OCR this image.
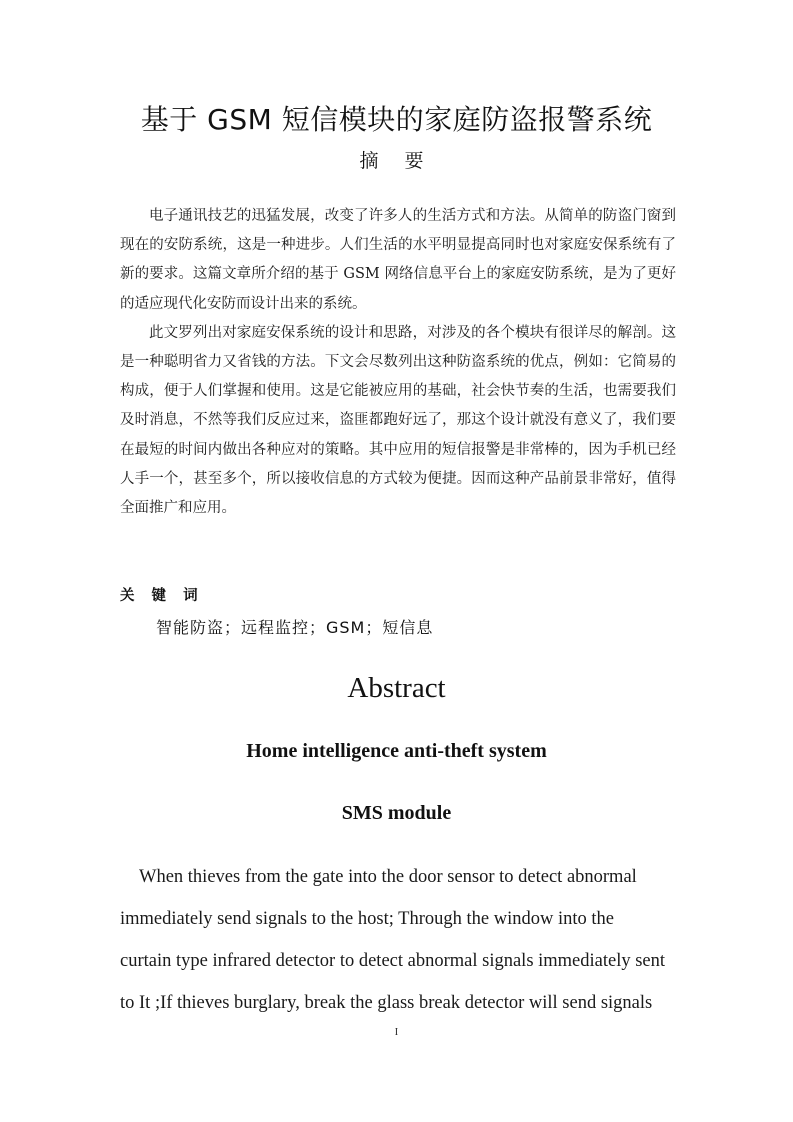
基于 GSM 短信模块的家庭防盗报警系统
摘 要

电子通讯技艺的迅猛发展，改变了许多人的生活方式和方法。从简单的防盗门窗到现在的安防系统，这是一种进步。人们生活的水平明显提高同时也对家庭安保系统有了新的要求。这篇文章所介绍的基于 GSM 网络信息平台上的家庭安防系统，是为了更好的适应现代化安防而设计出来的系统。

此文罗列出对家庭安保系统的设计和思路，对涉及的各个模块有很详尽的解剖。这是一种聪明省力又省钱的方法。下文会尽数列出这种防盗系统的优点，例如：它简易的构成，便于人们掌握和使用。这是它能被应用的基础，社会快节奏的生活，也需要我们及时消息，不然等我们反应过来，盗匪都跑好远了，那这个设计就没有意义了，我们要在最短的时间内做出各种应对的策略。其中应用的短信报警是非常棒的，因为手机已经人手一个，甚至多个，所以接收信息的方式较为便捷。因而这种产品前景非常好，值得全面推广和应用。

关 键 词
智能防盗；远程监控；GSM；短信息
Abstract
Home intelligence anti-theft system
SMS module
When thieves from the gate into the door sensor to detect abnormal
immediately send signals to the host; Through the window into the
curtain type infrared detector to detect abnormal signals immediately sent
to It ;If thieves burglary, break the glass break detector will send signals
I
